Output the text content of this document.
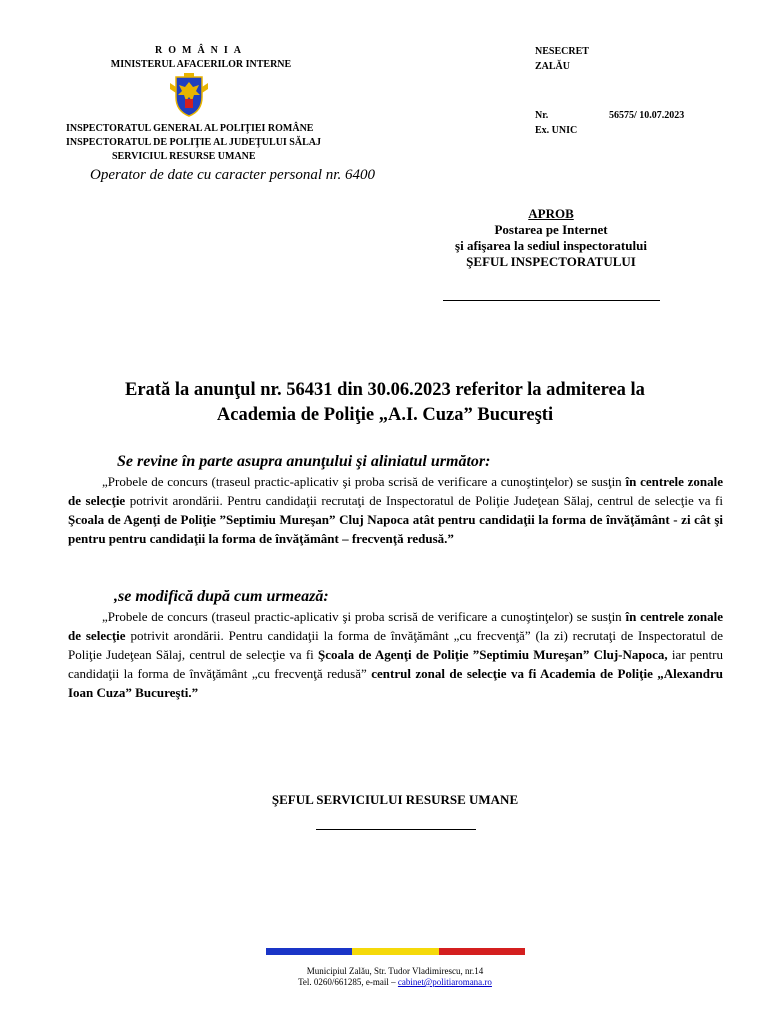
ROMÂNIA
MINISTERUL AFACERILOR INTERNE
INSPECTORATUL GENERAL AL POLIŢIEI ROMÂNE
INSPECTORATUL DE POLIŢIE AL JUDEŢULUI SĂLAJ
SERVICIUL RESURSE UMANE
Operator de date cu caracter personal nr. 6400
NESECRET
ZALĂU
Nr.	56575/ 10.07.2023
Ex. UNIC
APROB
Postarea pe Internet
şi afişarea la sediul inspectoratului
ŞEFUL INSPECTORATULUI
Erată la anunţul nr. 56431 din 30.06.2023 referitor la admiterea la
Academia de Poliţie „A.I. Cuza” Bucureşti
Se revine în parte asupra anunţului şi aliniatul următor:
„Probele de concurs (traseul practic-aplicativ şi proba scrisă de verificare a cunoştinţelor) se susţin în centrele zonale de selecţie potrivit arondării. Pentru candidaţii recrutaţi de Inspectoratul de Poliţie Judeţean Sălaj, centrul de selecţie va fi Şcoala de Agenţi de Poliţie ”Septimiu Mureşan” Cluj Napoca atât pentru candidaţii la forma de învăţământ - zi cât şi pentru pentru candidaţii la forma de învăţământ – frecvenţă redusă.”
,se modifică după cum urmează:
„Probele de concurs (traseul practic-aplicativ şi proba scrisă de verificare a cunoştinţelor) se susţin în centrele zonale de selecţie potrivit arondării. Pentru candidaţii la forma de învăţământ „cu frecvenţă” (la zi) recrutaţi de Inspectoratul de Poliţie Judeţean Sălaj, centrul de selecţie va fi Şcoala de Agenţi de Poliţie ”Septimiu Mureşan” Cluj-Napoca, iar pentru candidaţii la forma de învăţământ „cu frecvenţă redusă” centrul zonal de selecţie va fi Academia de Poliţie „Alexandru Ioan Cuza” Bucureşti.”
ŞEFUL SERVICIULUI RESURSE UMANE
Municipiul Zalău, Str. Tudor Vladimirescu, nr.14
Tel. 0260/661285, e-mail – cabinet@politiaromana.ro
